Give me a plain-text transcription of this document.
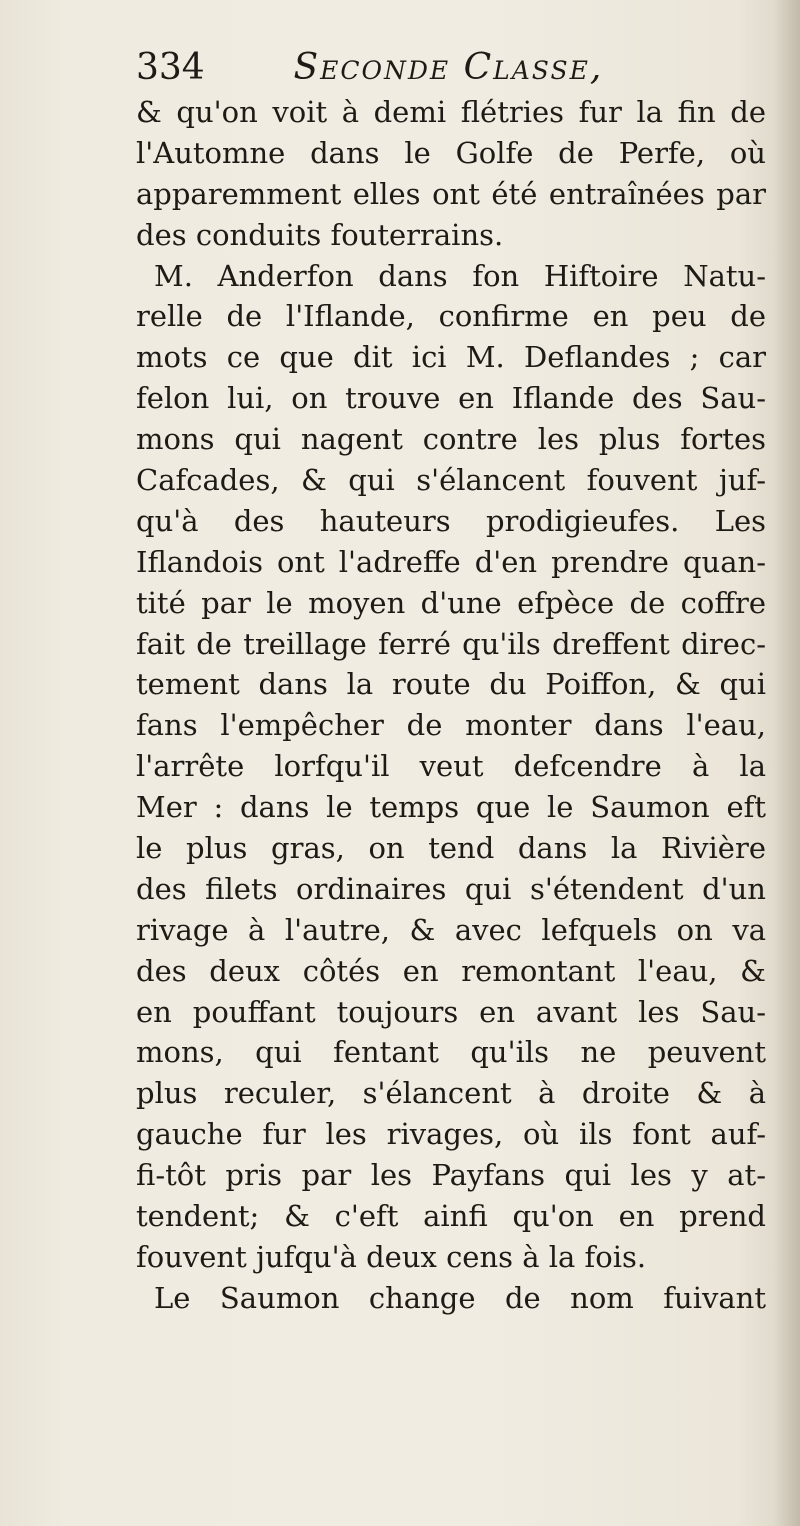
334 Seconde Classe,
& qu'on voit à demi flétries fur la fin de
l'Automne dans le Golfe de Perfe, où
apparemment elles ont été entraînées par
des conduits fouterrains.
M. Anderfon dans fon Hiftoire Natu-
relle de l'Iflande, confirme en peu de
mots ce que dit ici M. Deflandes ; car
felon lui, on trouve en Iflande des Sau-
mons qui nagent contre les plus fortes
Cafcades, & qui s'élancent fouvent juf-
qu'à des hauteurs prodigieufes. Les
Iflandois ont l'adreffe d'en prendre quan-
tité par le moyen d'une efpèce de coffre
fait de treillage ferré qu'ils dreffent direc-
tement dans la route du Poiffon, & qui
fans l'empêcher de monter dans l'eau,
l'arrête lorfqu'il veut defcendre à la
Mer : dans le temps que le Saumon eft
le plus gras, on tend dans la Rivière
des filets ordinaires qui s'étendent d'un
rivage à l'autre, & avec lefquels on va
des deux côtés en remontant l'eau, &
en pouffant toujours en avant les Sau-
mons, qui fentant qu'ils ne peuvent
plus reculer, s'élancent à droite & à
gauche fur les rivages, où ils font auf-
fi-tôt pris par les Payfans qui les y at-
tendent; & c'eft ainfi qu'on en prend
fouvent jufqu'à deux cens à la fois.
Le Saumon change de nom fuivant
